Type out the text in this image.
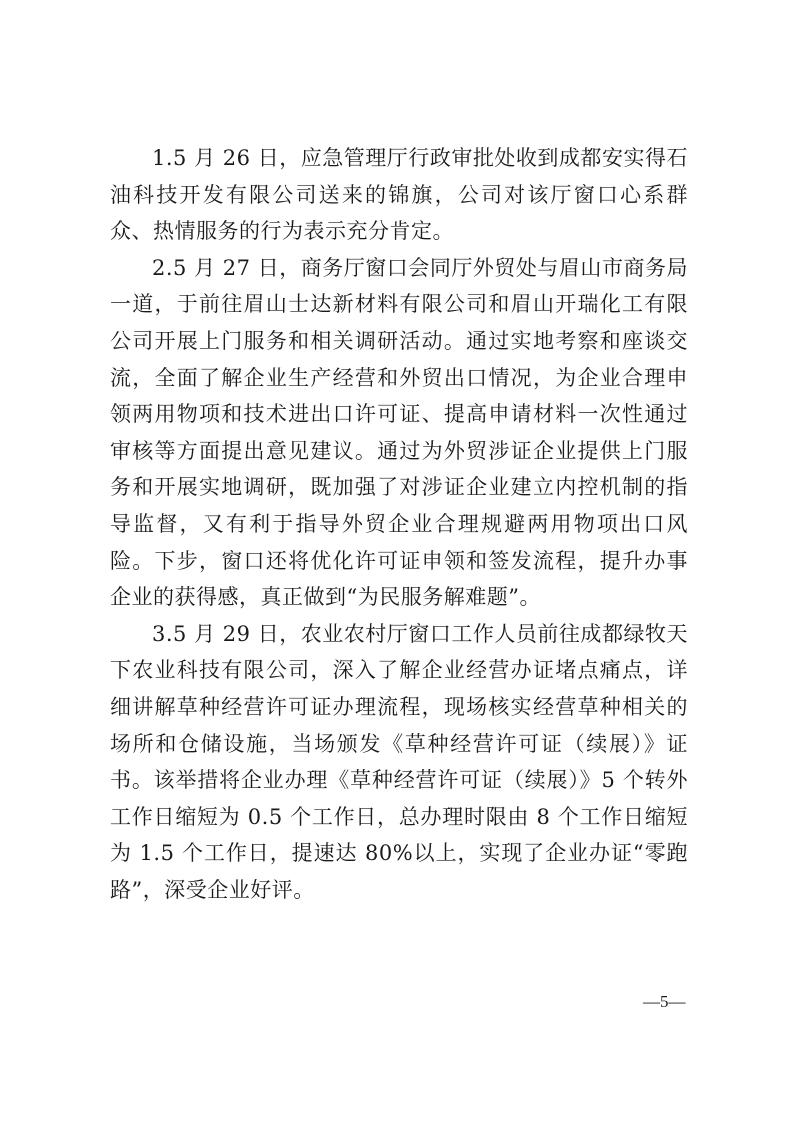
1.5 月 26 日，应急管理厅行政审批处收到成都安实得石油科技开发有限公司送来的锦旗，公司对该厅窗口心系群众、热情服务的行为表示充分肯定。

2.5 月 27 日，商务厅窗口会同厅外贸处与眉山市商务局一道，于前往眉山士达新材料有限公司和眉山开瑞化工有限公司开展上门服务和相关调研活动。通过实地考察和座谈交流，全面了解企业生产经营和外贸出口情况，为企业合理申领两用物项和技术进出口许可证、提高申请材料一次性通过审核等方面提出意见建议。通过为外贸涉证企业提供上门服务和开展实地调研，既加强了对涉证企业建立内控机制的指导监督，又有利于指导外贸企业合理规避两用物项出口风险。下步，窗口还将优化许可证申领和签发流程，提升办事企业的获得感，真正做到“为民服务解难题”。

3.5 月 29 日，农业农村厅窗口工作人员前往成都绿牧天下农业科技有限公司，深入了解企业经营办证堵点痛点，详细讲解草种经营许可证办理流程，现场核实经营草种相关的场所和仓储设施，当场颁发《草种经营许可证（续展）》证书。该举措将企业办理《草种经营许可证（续展）》5 个转外工作日缩短为 0.5 个工作日，总办理时限由 8 个工作日缩短为 1.5 个工作日，提速达 80%以上，实现了企业办证“零跑路”，深受企业好评。

—5—
